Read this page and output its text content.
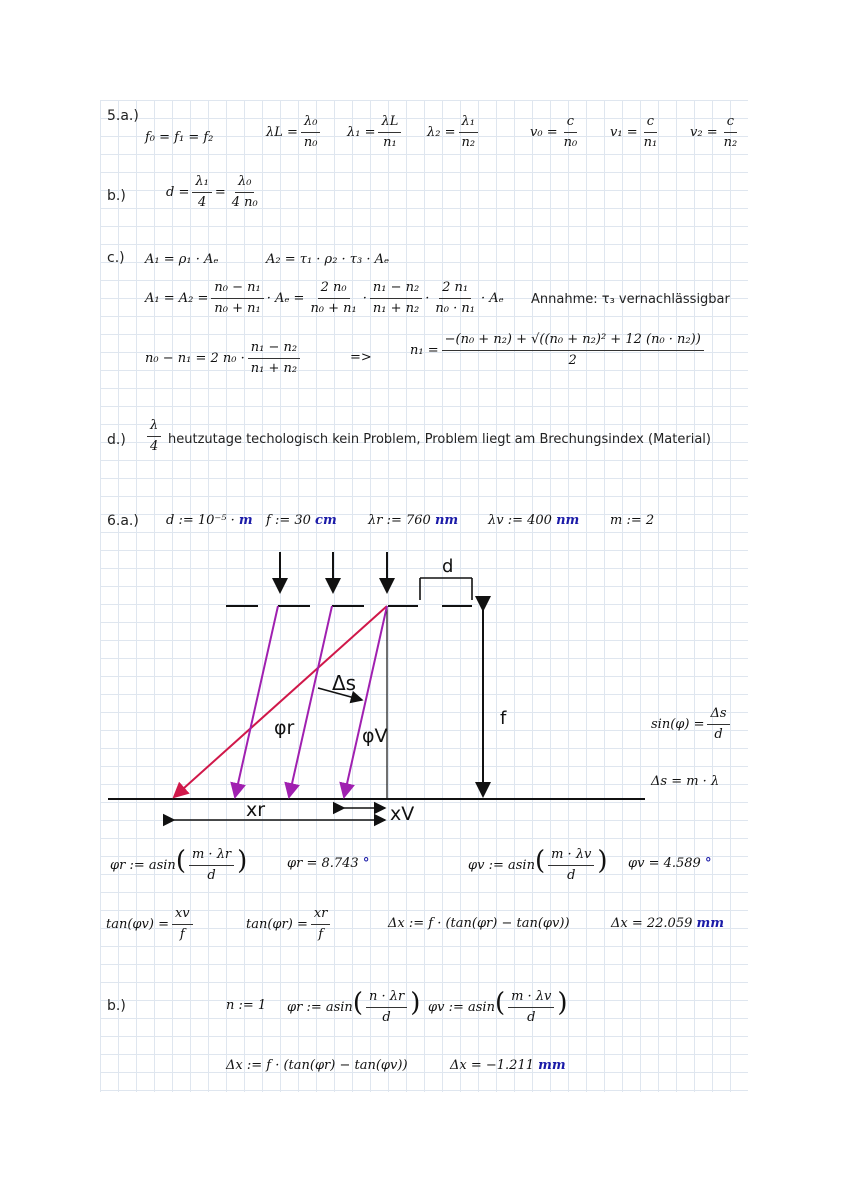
5.a.)
f₀ = f₁ = f₂	$\lambda L = \frac{\text{λ₀}}{\text{n₀}} \lambda_1 = \frac{\lambda L}{\text{n₁}} \lambda_2 = \frac{\text{λ₁}}{\text{n₂}}$	$v_0 = \frac{c}{\text{n₀}} v_1 = \frac{c}{\text{n₁}} v_2 = \frac{c}{\text{n₂}}$
b.)	$d = \frac{\text{λ₁}}{4} = \frac{\text{λ₀}}{\text{4 n₀}}$
c.) A₁ = ρ₁ · Aₑ	A₂ = τ₁ · ρ₂ · τ₃ · Aₑ
$A_1 = A_2 = \frac{\text{n₀ − n₁}}{\text{n₀ + n₁}} \cdot A_e = \frac{\text{2 n₀}}{\text{n₀ + n₁}} \cdot \frac{\text{n₁ − n₂}}{\text{n₁ + n₂}} \cdot \frac{\text{2 n₁}}{\text{n₀ · n₁}} \cdot A_e$ Annahme: τ₃ vernachlässigbar
n₀ − n₁ = 2 $n_0 \cdot \frac{\text{n₁ − n₂}}{\text{n₁ + n₂}}$	=>	$n_1 = \frac{\text{−(n₀ + n₂) + √((n₀ + n₂)² + 12 (n₀ · n₂))}}{2}$
$d.) \frac{\lambda}{4}$ heutzutage techologisch kein Problem, Problem liegt am Brechungsindex (Material)
6.a.) d := 10⁻⁵ · m f := 30 cm λr := 760 nm λv := 400 nm m := 2
d
f
Δs
φr	φV
xr	xV
$\sin(\varphi) = \frac{\Delta s}{d}$
Δs = m · λ
φr := $asin( \frac{m \cdot \lambda r}{d}$ )	φr = 8.743 °	φv := $asin( \frac{m \cdot \lambda v}{d}$ ) φv = 4.589 °
$\tan(\varphi v) = \frac{xv}{f}$	$\tan(\varphi r) = \frac{xr}{f}$	Δx := f · (tan(φr) − tan(φv))	Δx = 22.059 mm
b.)	n := 1 φr := $asin( \frac{n \cdot \lambda r}{d}$ ) φv := $asin( \frac{m \cdot \lambda v}{d}$ )
Δx := f · (tan(φr) − tan(φv))	Δx = −1.211 mm
